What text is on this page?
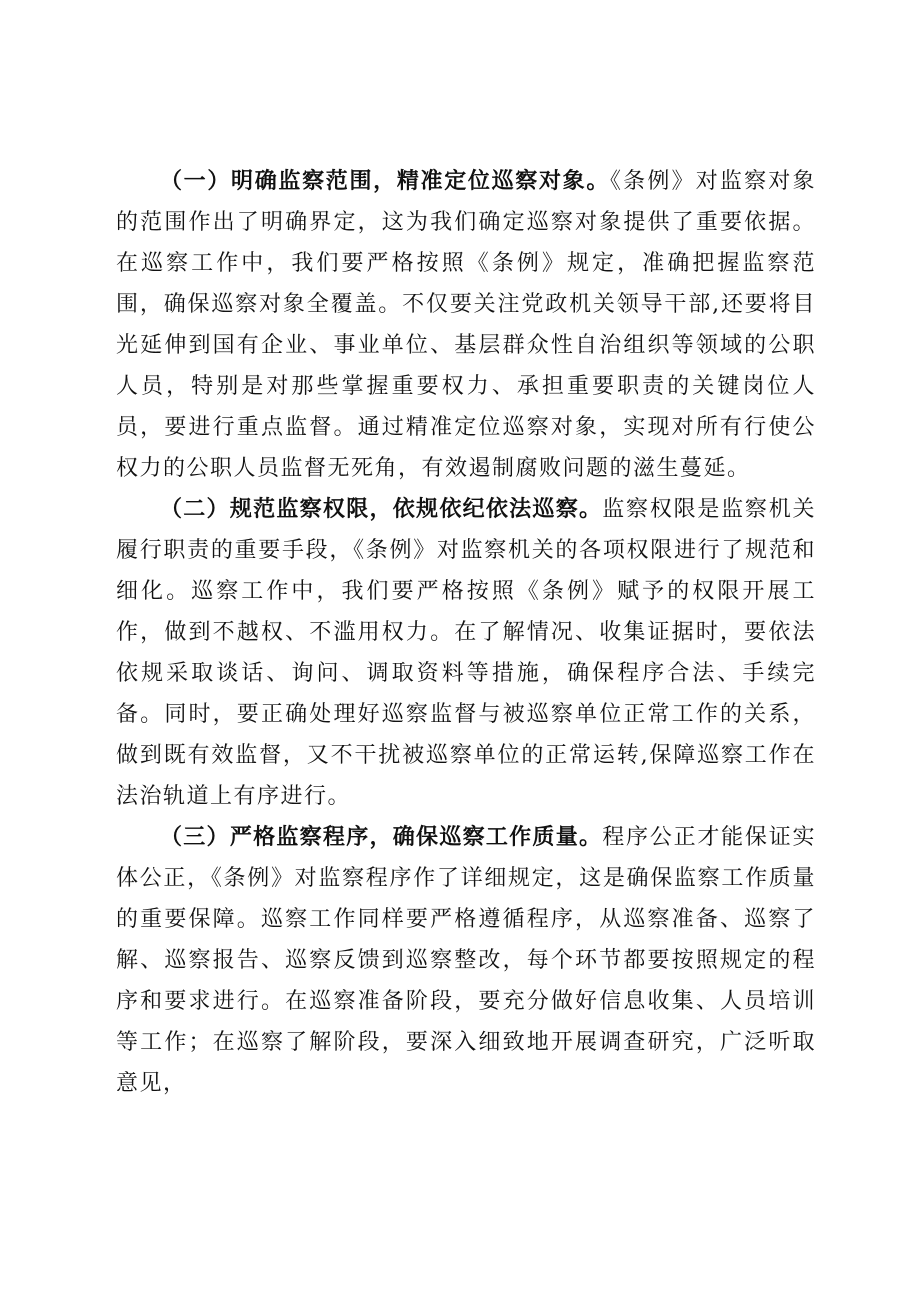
（一）明确监察范围，精准定位巡察对象。《条例》对监察对象的范围作出了明确界定，这为我们确定巡察对象提供了重要依据。在巡察工作中，我们要严格按照《条例》规定，准确把握监察范围，确保巡察对象全覆盖。不仅要关注党政机关领导干部,还要将目光延伸到国有企业、事业单位、基层群众性自治组织等领域的公职人员，特别是对那些掌握重要权力、承担重要职责的关键岗位人员，要进行重点监督。通过精准定位巡察对象，实现对所有行使公权力的公职人员监督无死角，有效遏制腐败问题的滋生蔓延。

（二）规范监察权限，依规依纪依法巡察。监察权限是监察机关履行职责的重要手段，《条例》对监察机关的各项权限进行了规范和细化。巡察工作中，我们要严格按照《条例》赋予的权限开展工作，做到不越权、不滥用权力。在了解情况、收集证据时，要依法依规采取谈话、询问、调取资料等措施，确保程序合法、手续完备。同时，要正确处理好巡察监督与被巡察单位正常工作的关系，做到既有效监督，又不干扰被巡察单位的正常运转,保障巡察工作在法治轨道上有序进行。

（三）严格监察程序，确保巡察工作质量。程序公正才能保证实体公正，《条例》对监察程序作了详细规定，这是确保监察工作质量的重要保障。巡察工作同样要严格遵循程序，从巡察准备、巡察了解、巡察报告、巡察反馈到巡察整改，每个环节都要按照规定的程序和要求进行。在巡察准备阶段，要充分做好信息收集、人员培训等工作；在巡察了解阶段，要深入细致地开展调查研究，广泛听取意见，
